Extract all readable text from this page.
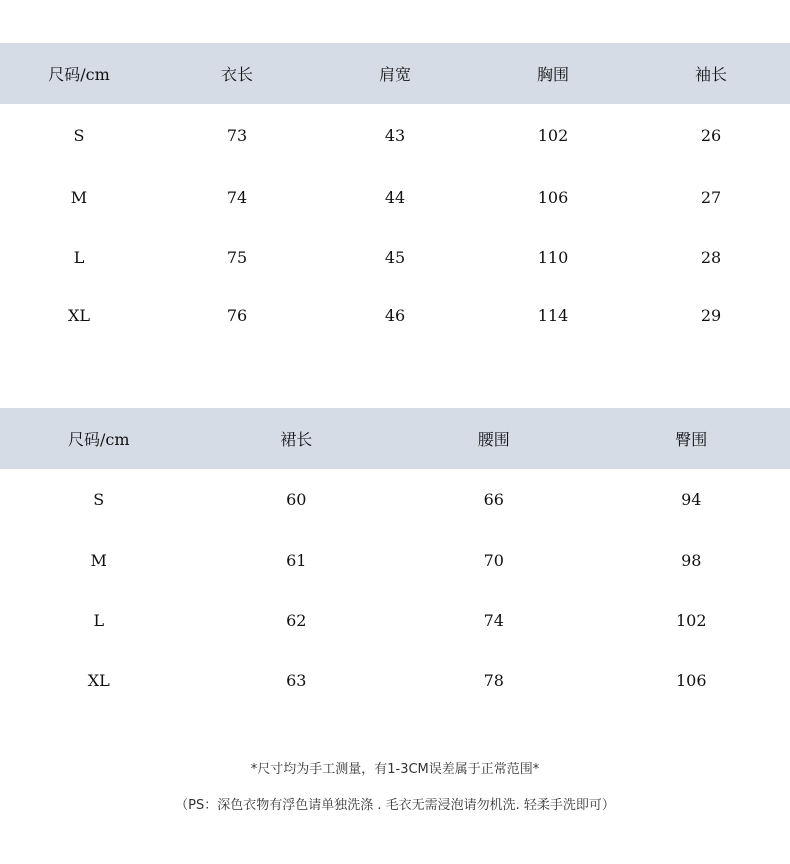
尺码/cm	衣长	肩宽	胸围	袖长
S	73	43	102	26
M	74	44	106	27
L	75	45	110	28
XL	76	46	114	29
尺码/cm	裙长	腰围	臀围
S	60	66	94
M	61	70	98
L	62	74	102
XL	63	78	106
*尺寸均为手工测量，有1-3CM误差属于正常范围*
（PS：深色衣物有浮色请单独洗涤 . 毛衣无需浸泡请勿机洗. 轻柔手洗即可）
